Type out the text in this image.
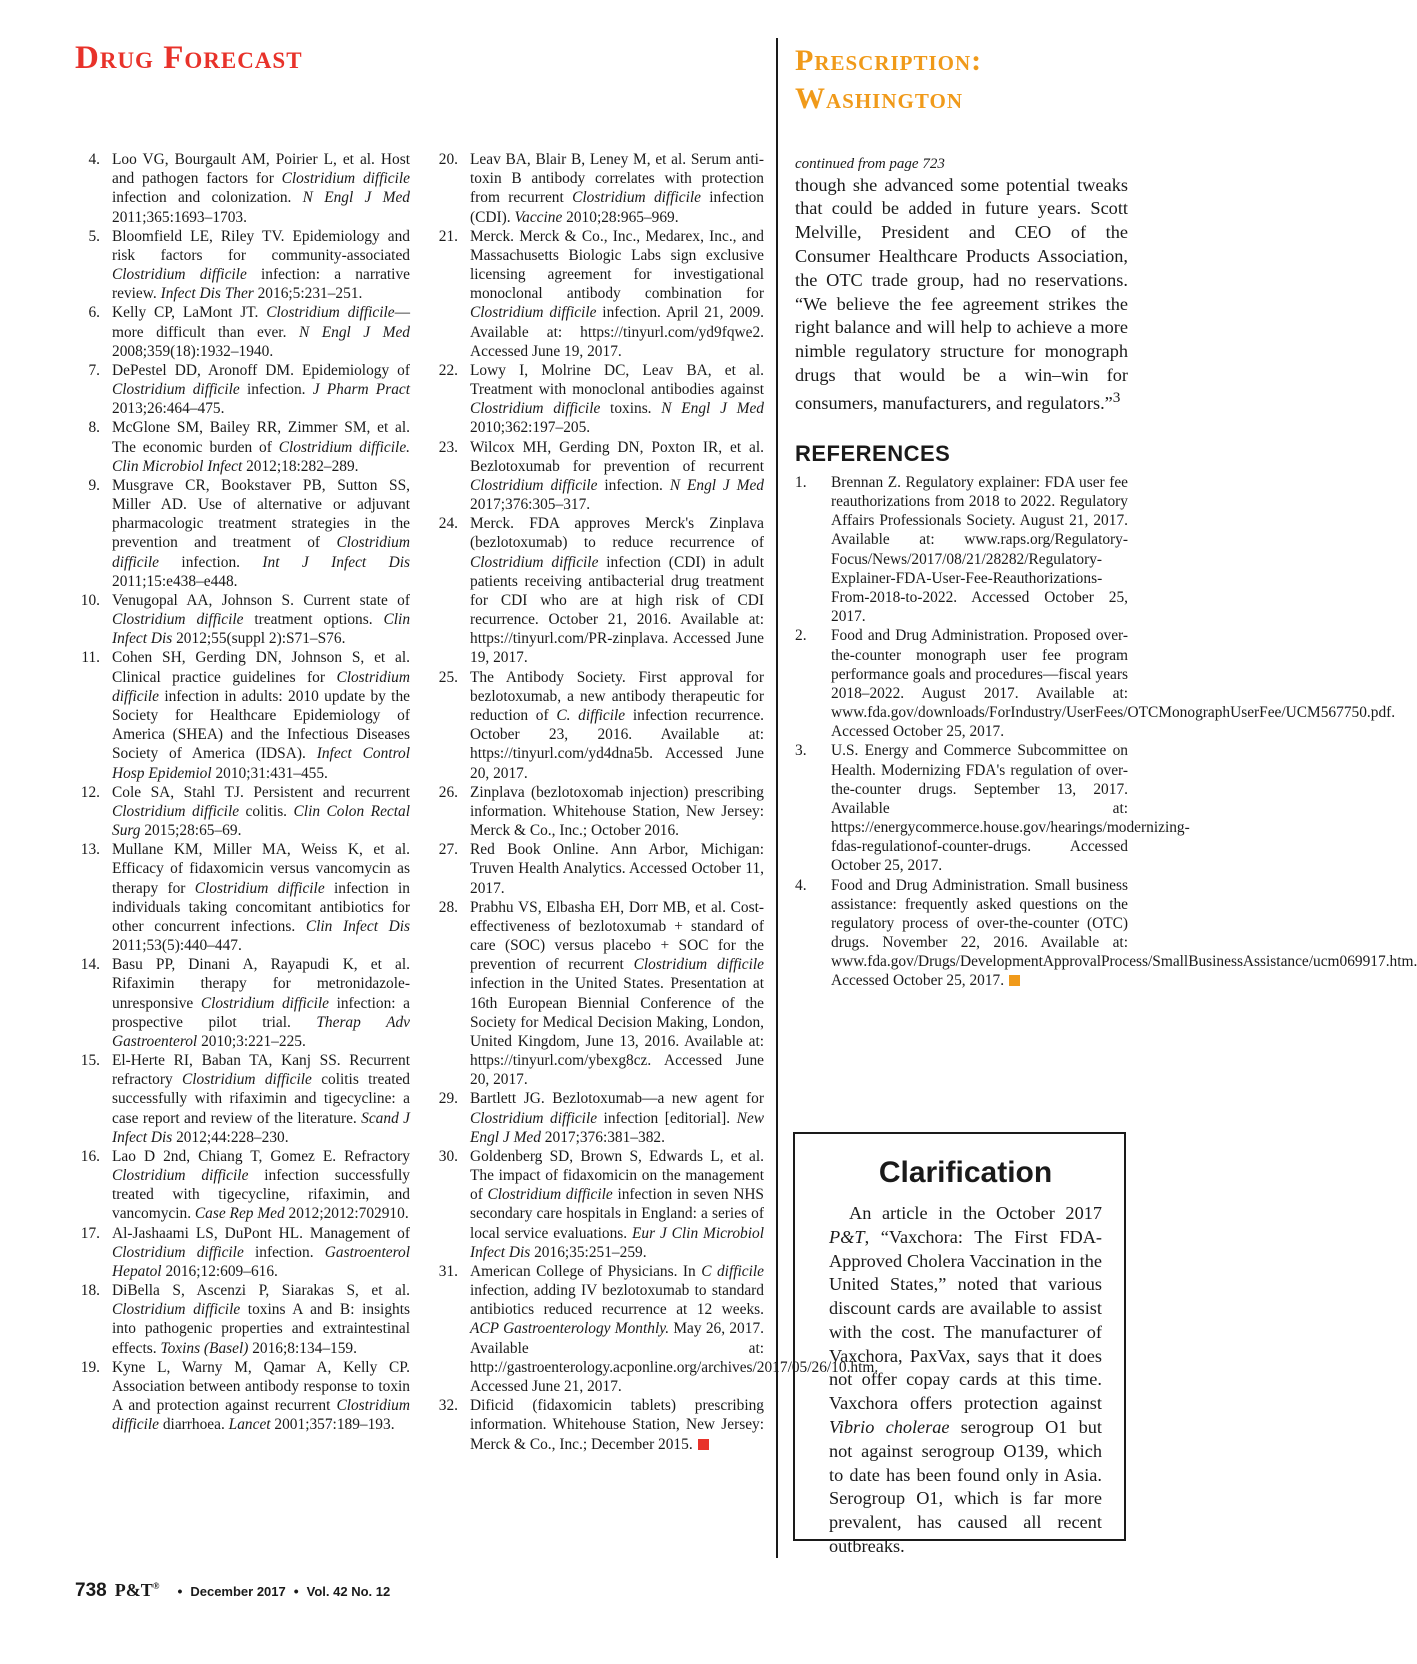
Drug Forecast	Prescription:
Washington
4. Loo VG, Bourgault AM, Poirier L, et al. Host and pathogen factors for Clostridium difficile infection and colonization. N Engl J Med 2011;365:1693–1703.
5. Bloomfield LE, Riley TV. Epidemiology and risk factors for community-associated Clostridium difficile infection: a narrative review. Infect Dis Ther 2016;5:231–251.
6. Kelly CP, LaMont JT. Clostridium difficile—more difficult than ever. N Engl J Med 2008;359(18):1932–1940.
7. DePestel DD, Aronoff DM. Epidemiology of Clostridium difficile infection. J Pharm Pract 2013;26:464–475.
8. McGlone SM, Bailey RR, Zimmer SM, et al. The economic burden of Clostridium difficile. Clin Microbiol Infect 2012;18:282–289.
9. Musgrave CR, Bookstaver PB, Sutton SS, Miller AD. Use of alternative or adjuvant pharmacologic treatment strategies in the prevention and treatment of Clostridium difficile infection. Int J Infect Dis 2011;15:e438–e448.
10. Venugopal AA, Johnson S. Current state of Clostridium difficile treatment options. Clin Infect Dis 2012;55(suppl 2):S71–S76.
11. Cohen SH, Gerding DN, Johnson S, et al. Clinical practice guidelines for Clostridium difficile infection in adults: 2010 update by the Society for Healthcare Epidemiology of America (SHEA) and the Infectious Diseases Society of America (IDSA). Infect Control Hosp Epidemiol 2010;31:431–455.
12. Cole SA, Stahl TJ. Persistent and recurrent Clostridium difficile colitis. Clin Colon Rectal Surg 2015;28:65–69.
13. Mullane KM, Miller MA, Weiss K, et al. Efficacy of fidaxomicin versus vancomycin as therapy for Clostridium difficile infection in individuals taking concomitant antibiotics for other concurrent infections. Clin Infect Dis 2011;53(5):440–447.
14. Basu PP, Dinani A, Rayapudi K, et al. Rifaximin therapy for metronidazole-unresponsive Clostridium difficile infection: a prospective pilot trial. Therap Adv Gastroenterol 2010;3:221–225.
15. El-Herte RI, Baban TA, Kanj SS. Recurrent refractory Clostridium difficile colitis treated successfully with rifaximin and tigecycline: a case report and review of the literature. Scand J Infect Dis 2012;44:228–230.
16. Lao D 2nd, Chiang T, Gomez E. Refractory Clostridium difficile infection successfully treated with tigecycline, rifaximin, and vancomycin. Case Rep Med 2012;2012:702910.
17. Al-Jashaami LS, DuPont HL. Management of Clostridium difficile infection. Gastroenterol Hepatol 2016;12:609–616.
18. DiBella S, Ascenzi P, Siarakas S, et al. Clostridium difficile toxins A and B: insights into pathogenic properties and extraintestinal effects. Toxins (Basel) 2016;8:134–159.
19. Kyne L, Warny M, Qamar A, Kelly CP. Association between antibody response to toxin A and protection against recurrent Clostridium difficile diarrhoea. Lancet 2001;357:189–193.
20. Leav BA, Blair B, Leney M, et al. Serum anti-toxin B antibody correlates with protection from recurrent Clostridium difficile infection (CDI). Vaccine 2010;28:965–969.
21. Merck. Merck & Co., Inc., Medarex, Inc., and Massachusetts Biologic Labs sign exclusive licensing agreement for investigational monoclonal antibody combination for Clostridium difficile infection. April 21, 2009. Available at: https://tinyurl.com/yd9fqwe2. Accessed June 19, 2017.
22. Lowy I, Molrine DC, Leav BA, et al. Treatment with monoclonal antibodies against Clostridium difficile toxins. N Engl J Med 2010;362:197–205.
23. Wilcox MH, Gerding DN, Poxton IR, et al. Bezlotoxumab for prevention of recurrent Clostridium difficile infection. N Engl J Med 2017;376:305–317.
24. Merck. FDA approves Merck's Zinplava (bezlotoxumab) to reduce recurrence of Clostridium difficile infection (CDI) in adult patients receiving antibacterial drug treatment for CDI who are at high risk of CDI recurrence. October 21, 2016. Available at: https://tinyurl.com/PR-zinplava. Accessed June 19, 2017.
25. The Antibody Society. First approval for bezlotoxumab, a new antibody therapeutic for reduction of C. difficile infection recurrence. October 23, 2016. Available at: https://tinyurl.com/yd4dna5b. Accessed June 20, 2017.
26. Zinplava (bezlotoxomab injection) prescribing information. Whitehouse Station, New Jersey: Merck & Co., Inc.; October 2016.
27. Red Book Online. Ann Arbor, Michigan: Truven Health Analytics. Accessed October 11, 2017.
28. Prabhu VS, Elbasha EH, Dorr MB, et al. Cost-effectiveness of bezlotoxumab + standard of care (SOC) versus placebo + SOC for the prevention of recurrent Clostridium difficile infection in the United States. Presentation at 16th European Biennial Conference of the Society for Medical Decision Making, London, United Kingdom, June 13, 2016. Available at: https://tinyurl.com/ybexg8cz. Accessed June 20, 2017.
29. Bartlett JG. Bezlotoxumab—a new agent for Clostridium difficile infection [editorial]. New Engl J Med 2017;376:381–382.
30. Goldenberg SD, Brown S, Edwards L, et al. The impact of fidaxomicin on the management of Clostridium difficile infection in seven NHS secondary care hospitals in England: a series of local service evaluations. Eur J Clin Microbiol Infect Dis 2016;35:251–259.
31. American College of Physicians. In C difficile infection, adding IV bezlotoxumab to standard antibiotics reduced recurrence at 12 weeks. ACP Gastroenterology Monthly. May 26, 2017. Available at: http://gastroenterology.acponline.org/archives/2017/05/26/10.htm. Accessed June 21, 2017.
32. Dificid (fidaxomicin tablets) prescribing information. Whitehouse Station, New Jersey: Merck & Co., Inc.; December 2015.

continued from page 723

though she advanced some potential tweaks that could be added in future years. Scott Melville, President and CEO of the Consumer Healthcare Products Association, the OTC trade group, had no reservations. “We believe the fee agreement strikes the right balance and will help to achieve a more nimble regulatory structure for monograph drugs that would be a win–win for consumers, manufacturers, and regulators.”$^3$

REFERENCES
1. Brennan Z. Regulatory explainer: FDA user fee reauthorizations from 2018 to 2022. Regulatory Affairs Professionals Society. August 21, 2017. Available at: www.raps.org/Regulatory-Focus/News/2017/08/21/28282/Regulatory-Explainer-FDA-User-Fee-Reauthorizations-From-2018-to-2022. Accessed October 25, 2017.
2. Food and Drug Administration. Proposed over-the-counter monograph user fee program performance goals and procedures—fiscal years 2018–2022. August 2017. Available at: www.fda.gov/downloads/ForIndustry/UserFees/OTCMonographUserFee/UCM567750.pdf. Accessed October 25, 2017.
3. U.S. Energy and Commerce Subcommittee on Health. Modernizing FDA's regulation of over-the-counter drugs. September 13, 2017. Available at: https://energycommerce.house.gov/hearings/modernizing-fdas-regulationof-counter-drugs. Accessed October 25, 2017.
4. Food and Drug Administration. Small business assistance: frequently asked questions on the regulatory process of over-the-counter (OTC) drugs. November 22, 2016. Available at: www.fda.gov/Drugs/DevelopmentApprovalProcess/SmallBusinessAssistance/ucm069917.htm. Accessed October 25, 2017.
Clarification

An article in the October 2017 P&T, “Vaxchora: The First FDA-Approved Cholera Vaccination in the United States,” noted that various discount cards are available to assist with the cost. The manufacturer of Vaxchora, PaxVax, says that it does not offer copay cards at this time. Vaxchora offers protection against Vibrio cholerae serogroup O1 but not against serogroup O139, which to date has been found only in Asia. Serogroup O1, which is far more prevalent, has caused all recent outbreaks.

738 P&T® • December 2017 • Vol. 42 No. 12
